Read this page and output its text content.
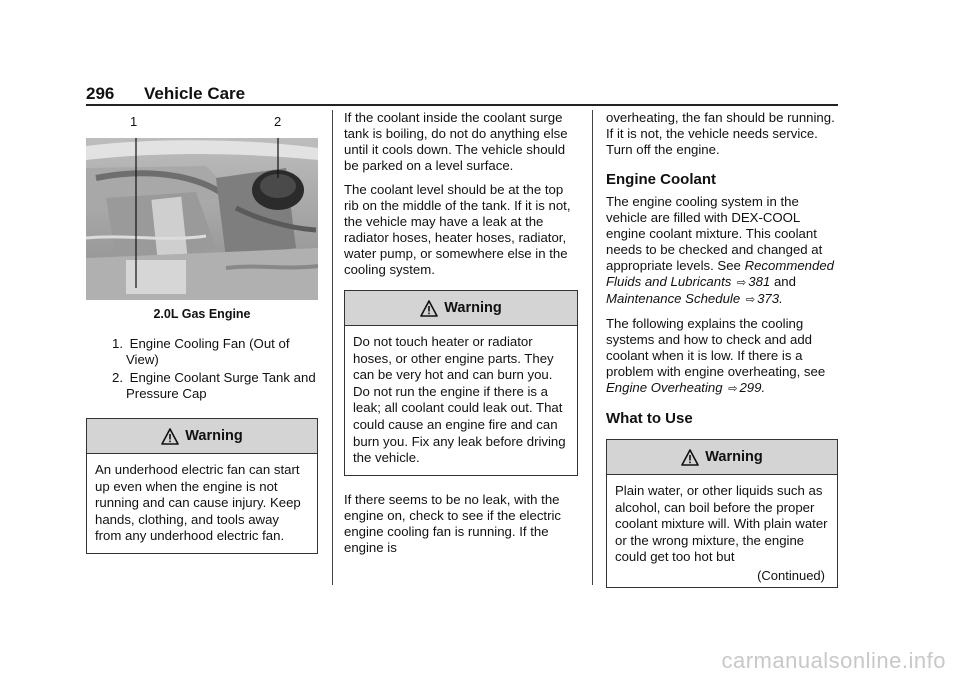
296 Vehicle Care
1	2
2.0L Gas Engine
1. Engine Cooling Fan (Out of View)
2. Engine Coolant Surge Tank and Pressure Cap
Warning
An underhood electric fan can start up even when the engine is not running and can cause injury. Keep hands, clothing, and tools away from any underhood electric fan.

If the coolant inside the coolant surge tank is boiling, do not do anything else until it cools down. The vehicle should be parked on a level surface.

The coolant level should be at the top rib on the middle of the tank. If it is not, the vehicle may have a leak at the radiator hoses, heater hoses, radiator, water pump, or somewhere else in the cooling system.

Warning
Do not touch heater or radiator hoses, or other engine parts. They can be very hot and can burn you. Do not run the engine if there is a leak; all coolant could leak out. That could cause an engine fire and can burn you. Fix any leak before driving the vehicle.

If there seems to be no leak, with the engine on, check to see if the electric engine cooling fan is running. If the engine is

overheating, the fan should be running. If it is not, the vehicle needs service. Turn off the engine.

Engine Coolant

The engine cooling system in the vehicle are filled with DEX-COOL engine coolant mixture. This coolant needs to be checked and changed at appropriate levels. See Recommended Fluids and Lubricants ⇨ 381 and Maintenance Schedule ⇨ 373.

The following explains the cooling systems and how to check and add coolant when it is low. If there is a problem with engine overheating, see Engine Overheating ⇨ 299.

What to Use
Warning
Plain water, or other liquids such as alcohol, can boil before the proper coolant mixture will. With plain water or the wrong mixture, the engine could get too hot but
(Continued)
carmanualsonline.info
